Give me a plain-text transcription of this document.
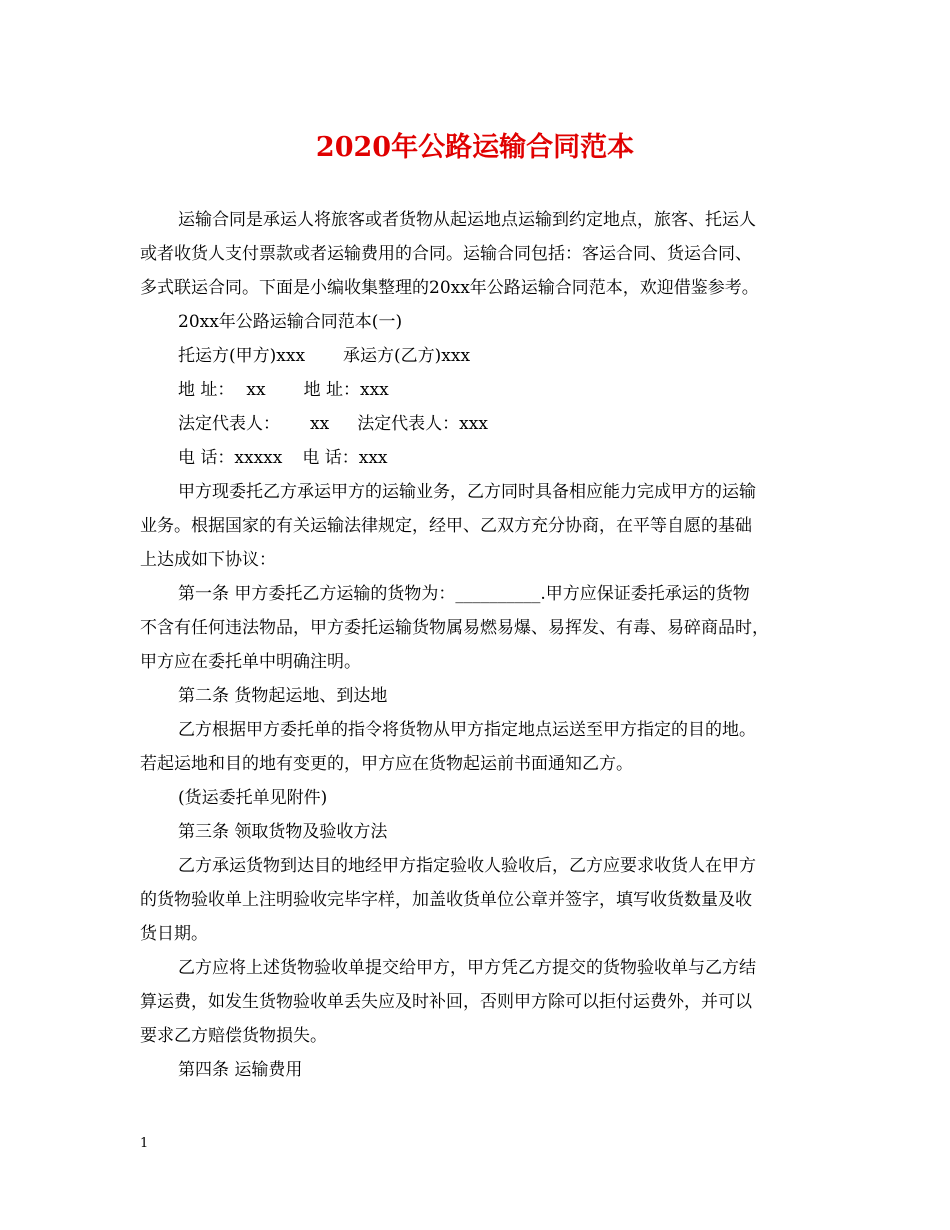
2020年公路运输合同范本

运输合同是承运人将旅客或者货物从起运地点运输到约定地点，旅客、托运人

或者收货人支付票款或者运输费用的合同。运输合同包括：客运合同、货运合同、

多式联运合同。下面是小编收集整理的20xx年公路运输合同范本，欢迎借鉴参考。

20xx年公路运输合同范本(一)

托运方(甲方)xxx 承运方(乙方)xxx

地 址： xx 地 址：xxx

法定代表人： xx 法定代表人：xxx

电 话：xxxxx 电 话：xxx

甲方现委托乙方承运甲方的运输业务，乙方同时具备相应能力完成甲方的运输

业务。根据国家的有关运输法律规定，经甲、乙双方充分协商，在平等自愿的基础

上达成如下协议：

第一条 甲方委托乙方运输的货物为：__________.甲方应保证委托承运的货物

不含有任何违法物品，甲方委托运输货物属易燃易爆、易挥发、有毒、易碎商品时，

甲方应在委托单中明确注明。

第二条 货物起运地、到达地

乙方根据甲方委托单的指令将货物从甲方指定地点运送至甲方指定的目的地。

若起运地和目的地有变更的，甲方应在货物起运前书面通知乙方。

(货运委托单见附件)

第三条 领取货物及验收方法

乙方承运货物到达目的地经甲方指定验收人验收后，乙方应要求收货人在甲方

的货物验收单上注明验收完毕字样，加盖收货单位公章并签字，填写收货数量及收

货日期。

乙方应将上述货物验收单提交给甲方，甲方凭乙方提交的货物验收单与乙方结

算运费，如发生货物验收单丢失应及时补回，否则甲方除可以拒付运费外，并可以

要求乙方赔偿货物损失。

第四条 运输费用

1
